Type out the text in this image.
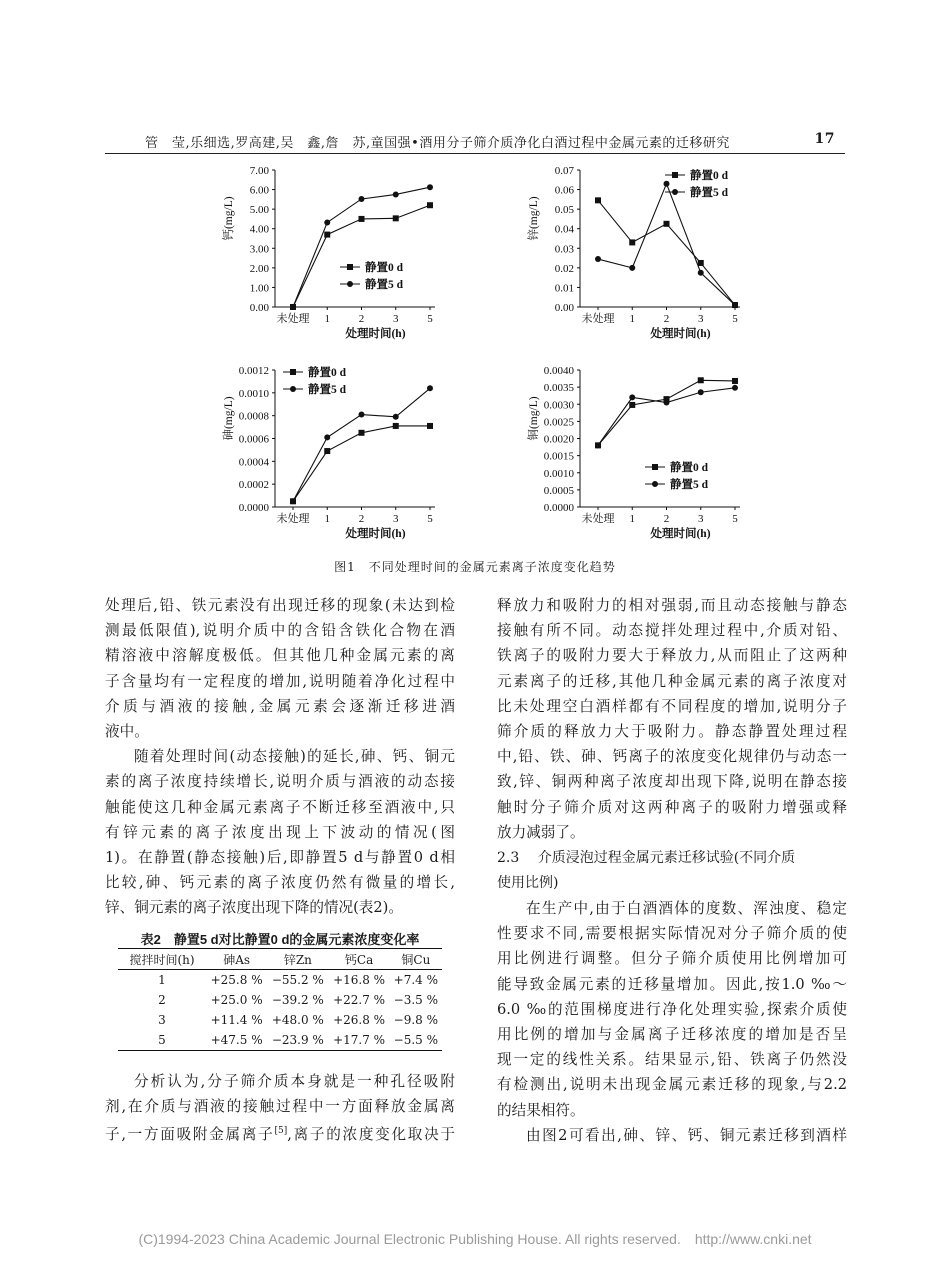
管　莹,乐细选,罗高建,吴　鑫,詹　苏,童国强•酒用分子筛介质净化白酒过程中金属元素的迁移研究	17
0.00
1.00
2.00
3.00
4.00
5.00
6.00
7.00
未处理 1	2	3	5
处理时间(h)
钙(mg/L)
静置0 d
静置5 d
0.00
0.01
0.02
0.03
0.04
0.05
0.06
0.07
未处理 1	2	3	5
处理时间(h)
锌(mg/L)
静置0 d
静置5 d
0.0000
0.0002
0.0004
0.0006
0.0008
0.0010
0.0012
未处理 1	2	3	5
处理时间(h)
砷(mg/L)
静置0 d
静置5 d
0.0000
0.0005
0.0010
0.0015
0.0020
0.0025
0.0030
0.0035
0.0040
未处理 1	2	3	5
处理时间(h)
铜(mg/L)
静置0 d
静置5 d
图1　不同处理时间的金属元素离子浓度变化趋势

处理后,铅、铁元素没有出现迁移的现象(未达到检
测最低限值),说明介质中的含铅含铁化合物在酒
精溶液中溶解度极低。但其他几种金属元素的离
子含量均有一定程度的增加,说明随着净化过程中
介质与酒液的接触,金属元素会逐渐迁移进酒
液中。

随着处理时间(动态接触)的延长,砷、钙、铜元
素的离子浓度持续增长,说明介质与酒液的动态接
触能使这几种金属元素离子不断迁移至酒液中,只
有锌元素的离子浓度出现上下波动的情况(图
1)。在静置(静态接触)后,即静置5 d与静置0 d相
比较,砷、钙元素的离子浓度仍然有微量的增长,
锌、铜元素的离子浓度出现下降的情况(表2)。

表2　静置5 d对比静置0 d的金属元素浓度变化率
搅拌时间(h)	砷As	锌Zn	钙Ca	铜Cu
1	+25.8 %	−55.2 %	+16.8 %	+7.4 %
2	+25.0 %	−39.2 %	+22.7 %	−3.5 %
3	+11.4 %	+48.0 %	+26.8 %	−9.8 %
5	+47.5 %	−23.9 %	+17.7 %	−5.5 %
分析认为,分子筛介质本身就是一种孔径吸附
剂,在介质与酒液的接触过程中一方面释放金属离
子,一方面吸附金属离子[5],离子的浓度变化取决于
释放力和吸附力的相对强弱,而且动态接触与静态
接触有所不同。动态搅拌处理过程中,介质对铅、
铁离子的吸附力要大于释放力,从而阻止了这两种
元素离子的迁移,其他几种金属元素的离子浓度对
比未处理空白酒样都有不同程度的增加,说明分子
筛介质的释放力大于吸附力。静态静置处理过程
中,铅、铁、砷、钙离子的浓度变化规律仍与动态一
致,锌、铜两种离子浓度却出现下降,说明在静态接
触时分子筛介质对这两种离子的吸附力增强或释
放力减弱了。
2.3 介质浸泡过程金属元素迁移试验(不同介质
使用比例)
在生产中,由于白酒酒体的度数、浑浊度、稳定
性要求不同,需要根据实际情况对分子筛介质的使
用比例进行调整。但分子筛介质使用比例增加可
能导致金属元素的迁移量增加。因此,按1.0 ‰～
6.0 ‰的范围梯度进行净化处理实验,探索介质使
用比例的增加与金属离子迁移浓度的增加是否呈
现一定的线性关系。结果显示,铅、铁离子仍然没
有检测出,说明未出现金属元素迁移的现象,与2.2
的结果相符。
由图2可看出,砷、锌、钙、铜元素迁移到酒样
(C)1994-2023 China Academic Journal Electronic Publishing House. All rights reserved.　http://www.cnki.net
